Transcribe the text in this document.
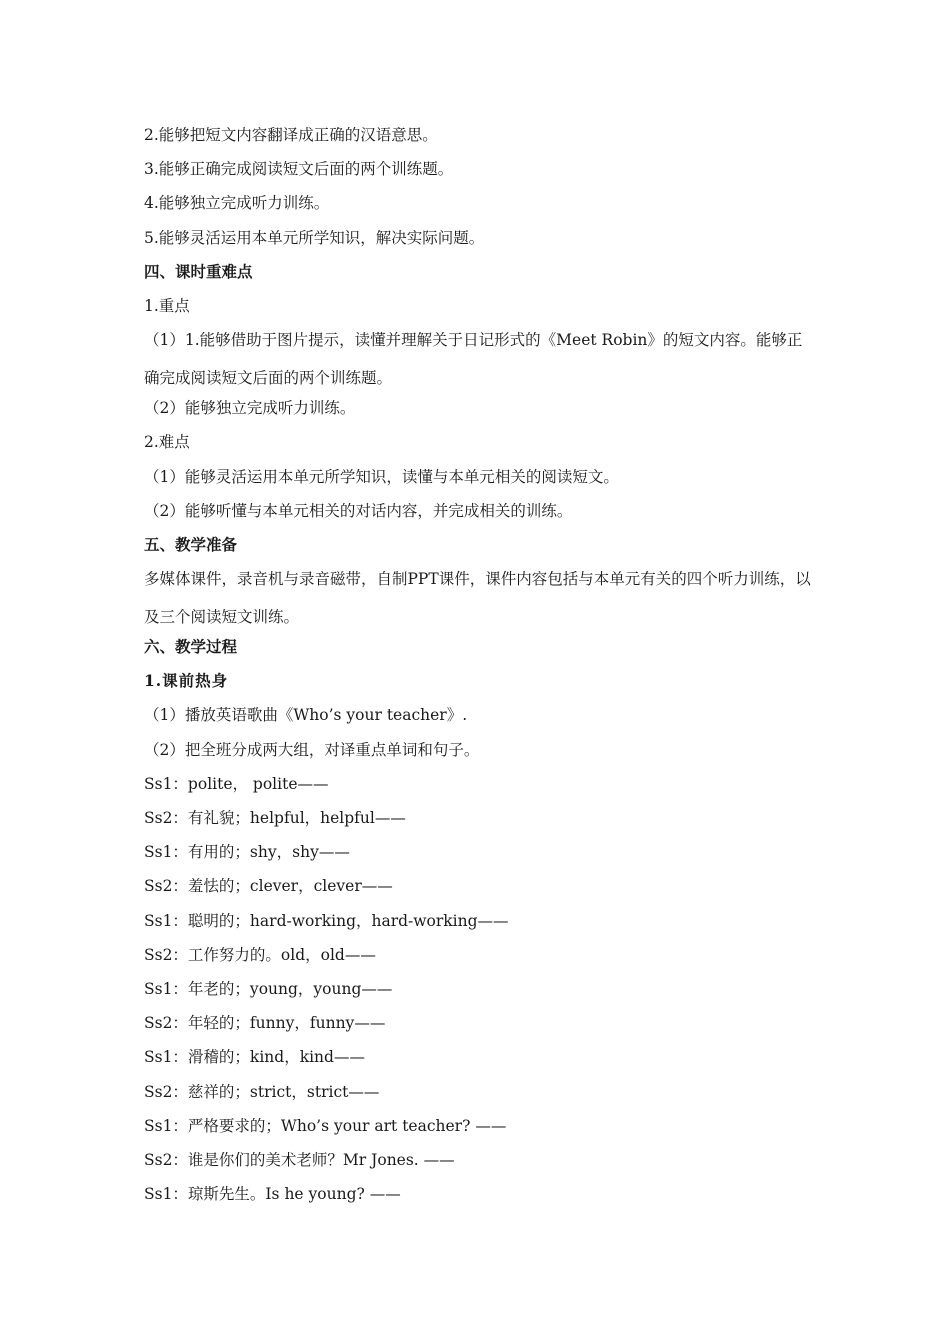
2.能够把短文内容翻译成正确的汉语意思。
3.能够正确完成阅读短文后面的两个训练题。
4.能够独立完成听力训练。
5.能够灵活运用本单元所学知识，解决实际问题。
四、课时重难点
1.重点
（1）1.能够借助于图片提示，读懂并理解关于日记形式的《Meet Robin》的短文内容。能够正确完成阅读短文后面的两个训练题。
（2）能够独立完成听力训练。
2.难点
（1）能够灵活运用本单元所学知识，读懂与本单元相关的阅读短文。
（2）能够听懂与本单元相关的对话内容，并完成相关的训练。
五、教学准备
多媒体课件，录音机与录音磁带，自制PPT课件，课件内容包括与本单元有关的四个听力训练，以及三个阅读短文训练。
六、教学过程
1.课前热身
（1）播放英语歌曲《Who’s your teacher》.
（2）把全班分成两大组，对译重点单词和句子。
Ss1：polite， polite——
Ss2：有礼貌；helpful，helpful——
Ss1：有用的；shy，shy——
Ss2：羞怯的；clever，clever——
Ss1：聪明的；hard-working，hard-working——
Ss2：工作努力的。old，old——
Ss1：年老的；young，young——
Ss2：年轻的；funny，funny——
Ss1：滑稽的；kind，kind——
Ss2：慈祥的；strict，strict——
Ss1：严格要求的；Who’s your art teacher? ——
Ss2：谁是你们的美术老师？Mr Jones. ——
Ss1：琼斯先生。Is he young? ——
